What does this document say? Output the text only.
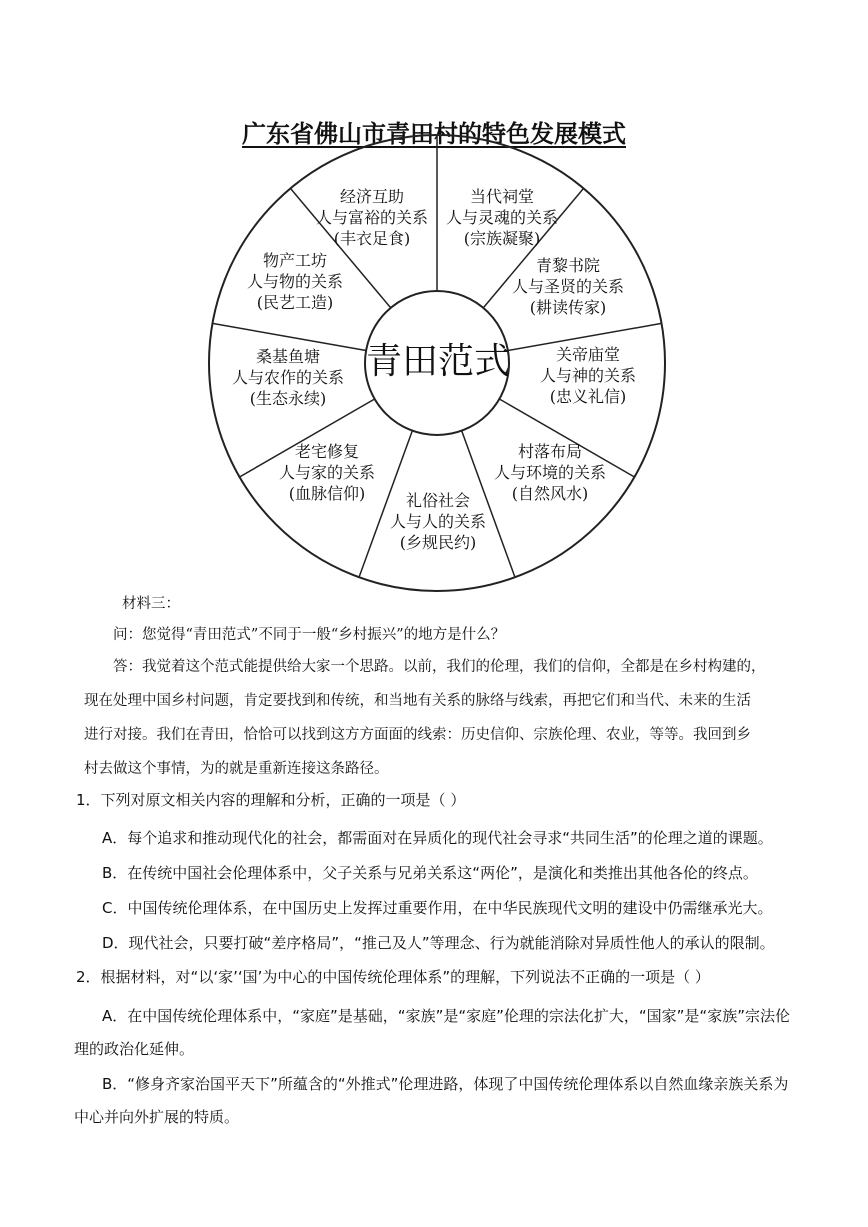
广东省佛山市青田村的特色发展模式
青田范式
经济互助
人与富裕的关系
(丰衣足食)
当代祠堂
人与灵魂的关系
(宗族凝聚)
青黎书院
人与圣贤的关系
(耕读传家)
关帝庙堂
人与神的关系
(忠义礼信)
村落布局
人与环境的关系
(自然风水)
礼俗社会
人与人的关系
(乡规民约)
老宅修复
人与家的关系
(血脉信仰)
桑基鱼塘
人与农作的关系
(生态永续)
物产工坊
人与物的关系
(民艺工造)
材料三：
问：您觉得“青田范式”不同于一般“乡村振兴”的地方是什么？
答：我觉着这个范式能提供给大家一个思路。以前，我们的伦理，我们的信仰，全都是在乡村构建的，
现在处理中国乡村问题，肯定要找到和传统，和当地有关系的脉络与线索，再把它们和当代、未来的生活
进行对接。我们在青田，恰恰可以找到这方方面面的线索：历史信仰、宗族伦理、农业，等等。我回到乡
村去做这个事情，为的就是重新连接这条路径。
1．下列对原文相关内容的理解和分析，正确的一项是（ ）
A．每个追求和推动现代化的社会，都需面对在异质化的现代社会寻求“共同生活”的伦理之道的课题。
B．在传统中国社会伦理体系中，父子关系与兄弟关系这“两伦”，是演化和类推出其他各伦的终点。
C．中国传统伦理体系，在中国历史上发挥过重要作用，在中华民族现代文明的建设中仍需继承光大。
D．现代社会，只要打破“差序格局”，“推己及人”等理念、行为就能消除对异质性他人的承认的限制。
2．根据材料，对“以‘家’‘国’为中心的中国传统伦理体系”的理解，下列说法不正确的一项是（ ）
A．在中国传统伦理体系中，“家庭”是基础，“家族”是“家庭”伦理的宗法化扩大，“国家”是“家族”宗法伦
理的政治化延伸。
B．“修身齐家治国平天下”所蕴含的“外推式”伦理进路，体现了中国传统伦理体系以自然血缘亲族关系为
中心并向外扩展的特质。
